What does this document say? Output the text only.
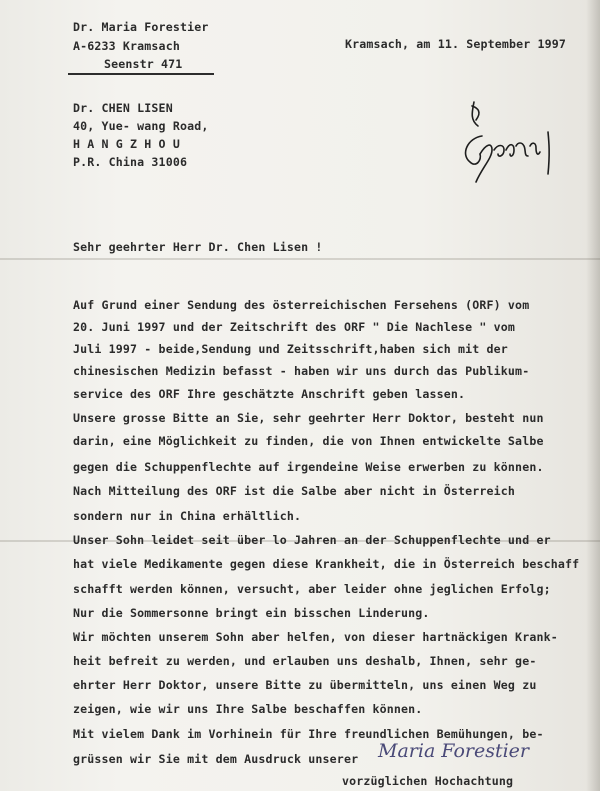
Dr. Maria Forestier

A-6233 Kramsach

Seenstr 471

Kramsach, am 11. September 1997

Dr. CHEN LISEN

40, Yue- wang Road,

H A N G Z H O U

P.R. China 31006

Sehr geehrter Herr Dr. Chen Lisen !

Auf Grund einer Sendung des österreichischen Fersehens (ORF) vom

20. Juni 1997 und der Zeitschrift des ORF " Die Nachlese " vom

Juli 1997 - beide,Sendung und Zeitsschrift,haben sich mit der

chinesischen Medizin befasst - haben wir uns durch das Publikum-

service des ORF Ihre geschätzte Anschrift geben lassen.

Unsere grosse Bitte an Sie, sehr geehrter Herr Doktor, besteht nun

darin, eine Möglichkeit zu finden, die von Ihnen entwickelte Salbe

gegen die Schuppenflechte auf irgendeine Weise erwerben zu können.

Nach Mitteilung des ORF ist die Salbe aber nicht in Österreich

sondern nur in China erhältlich.

Unser Sohn leidet seit über lo Jahren an der Schuppenflechte und er

hat viele Medikamente gegen diese Krankheit, die in Österreich beschaff

schafft werden können, versucht, aber leider ohne jeglichen Erfolg;

Nur die Sommersonne bringt ein bisschen Linderung.

Wir möchten unserem Sohn aber helfen, von dieser hartnäckigen Krank-

heit befreit zu werden, und erlauben uns deshalb, Ihnen, sehr ge-

ehrter Herr Doktor, unsere Bitte zu übermitteln, uns einen Weg zu

zeigen, wie wir uns Ihre Salbe beschaffen können.

Mit vielem Dank im Vorhinein für Ihre freundlichen Bemühungen, be-

grüssen wir Sie mit dem Ausdruck unserer Maria Forestier

vorzüglichen Hochachtung
